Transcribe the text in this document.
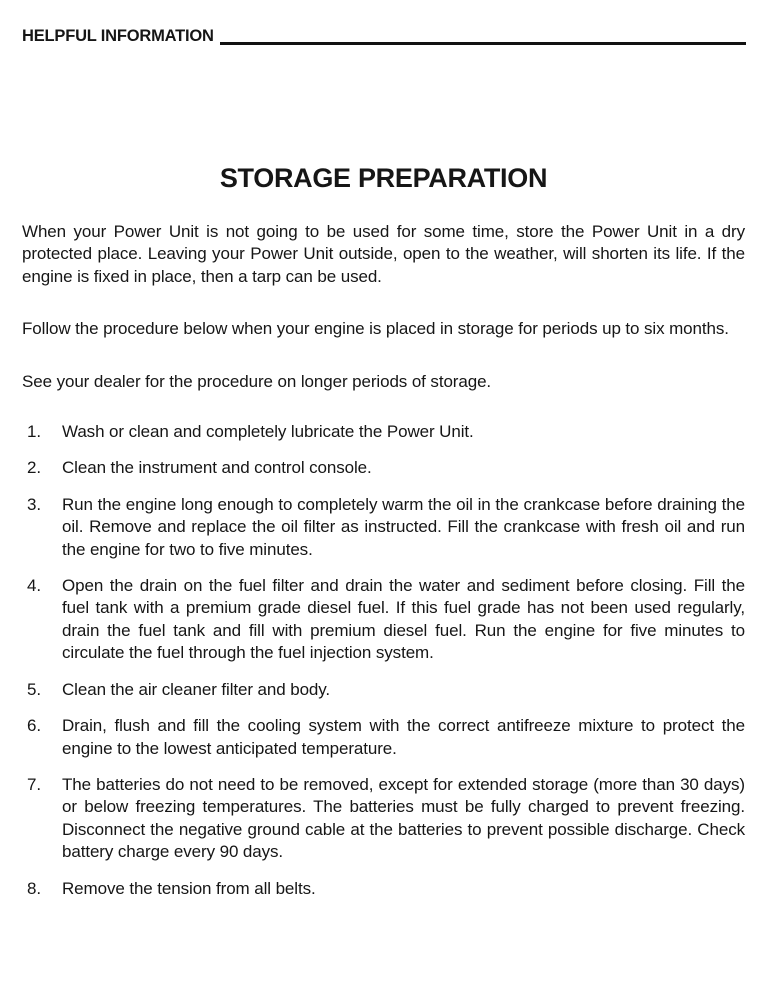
HELPFUL INFORMATION
STORAGE PREPARATION

When your Power Unit is not going to be used for some time, store the Power Unit in a dry protected place. Leaving your Power Unit outside, open to the weather, will shorten its life. If the engine is fixed in place, then a tarp can be used.

Follow the procedure below when your engine is placed in storage for periods up to six months.

See your dealer for the procedure on longer periods of storage.

1.	Wash or clean and completely lubricate the Power Unit.
2.	Clean the instrument and control console.
3.	Run the engine long enough to completely warm the oil in the crankcase before draining the oil. Remove and replace the oil filter as instructed. Fill the crankcase with fresh oil and run the engine for two to five minutes.
4.	Open the drain on the fuel filter and drain the water and sediment before closing. Fill the fuel tank with a premium grade diesel fuel. If this fuel grade has not been used regularly, drain the fuel tank and fill with premium diesel fuel. Run the engine for five minutes to circulate the fuel through the fuel injection system.
5.	Clean the air cleaner filter and body.
6.	Drain, flush and fill the cooling system with the correct antifreeze mixture to protect the engine to the lowest anticipated temperature.
7.	The batteries do not need to be removed, except for extended storage (more than 30 days) or below freezing temperatures. The batteries must be fully charged to prevent freezing. Disconnect the negative ground cable at the batteries to prevent possible discharge. Check battery charge every 90 days.
8.	Remove the tension from all belts.
